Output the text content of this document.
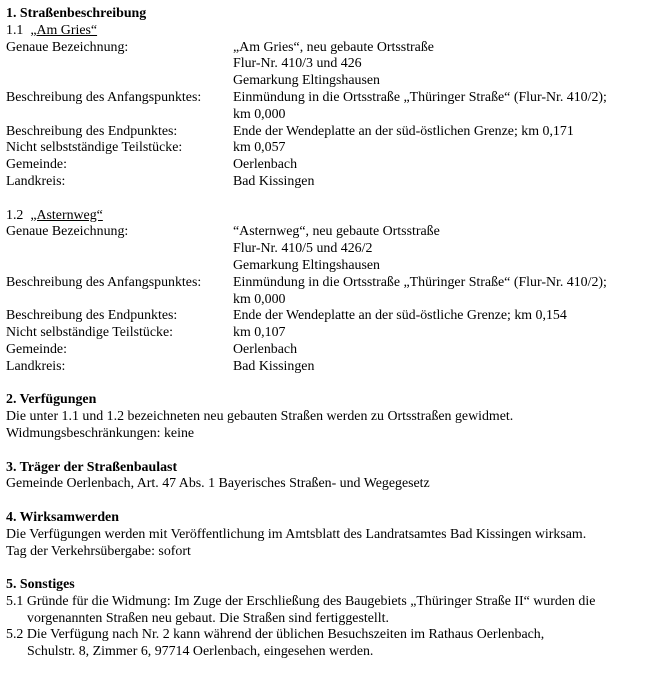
1. Straßenbeschreibung
1.1 „Am Gries“
Genaue Bezeichnung:	„Am Gries“, neu gebaute Ortsstraße
Flur-Nr. 410/3 und 426
Gemarkung Eltingshausen
Beschreibung des Anfangspunktes:	Einmündung in die Ortsstraße „Thüringer Straße“ (Flur-Nr. 410/2);
km 0,000
Beschreibung des Endpunktes:	Ende der Wendeplatte an der süd-östlichen Grenze; km 0,171
Nicht selbstständige Teilstücke:	km 0,057
Gemeinde:	Oerlenbach
Landkreis:	Bad Kissingen
1.2 „Asternweg“
Genaue Bezeichnung:	“Asternweg“, neu gebaute Ortsstraße
Flur-Nr. 410/5 und 426/2
Gemarkung Eltingshausen
Beschreibung des Anfangspunktes:	Einmündung in die Ortsstraße „Thüringer Straße“ (Flur-Nr. 410/2);
km 0,000
Beschreibung des Endpunktes:	Ende der Wendeplatte an der süd-östliche Grenze; km 0,154
Nicht selbständige Teilstücke:	km 0,107
Gemeinde:	Oerlenbach
Landkreis:	Bad Kissingen
2. Verfügungen
Die unter 1.1 und 1.2 bezeichneten neu gebauten Straßen werden zu Ortsstraßen gewidmet.
Widmungsbeschränkungen: keine
3. Träger der Straßenbaulast
Gemeinde Oerlenbach, Art. 47 Abs. 1 Bayerisches Straßen- und Wegegesetz
4. Wirksamwerden
Die Verfügungen werden mit Veröffentlichung im Amtsblatt des Landratsamtes Bad Kissingen wirksam.
Tag der Verkehrsübergabe: sofort
5. Sonstiges
5.1 Gründe für die Widmung: Im Zuge der Erschließung des Baugebiets „Thüringer Straße II“ wurden die
vorgenannten Straßen neu gebaut. Die Straßen sind fertiggestellt.
5.2 Die Verfügung nach Nr. 2 kann während der üblichen Besuchszeiten im Rathaus Oerlenbach,
Schulstr. 8, Zimmer 6, 97714 Oerlenbach, eingesehen werden.
